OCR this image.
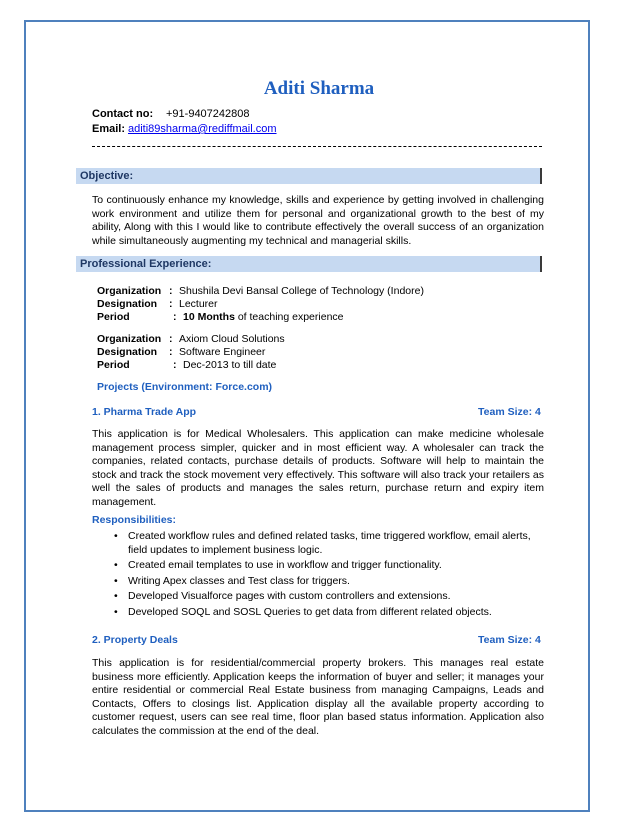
Aditi Sharma
Contact no: +91-9407242808
Email: aditi89sharma@rediffmail.com
Objective:
To continuously enhance my knowledge, skills and experience by getting involved in challenging work environment and utilize them for personal and organizational growth to the best of my ability, Along with this I would like to contribute effectively the overall success of an organization while simultaneously augmenting my technical and managerial skills.
Professional Experience:
Organization : Shushila Devi Bansal College of Technology (Indore)
Designation : Lecturer
Period	: 10 Months of teaching experience
Organization : Axiom Cloud Solutions
Designation : Software Engineer
Period	: Dec-2013 to till date
Projects (Environment: Force.com)
1. Pharma Trade App	Team Size: 4
This application is for Medical Wholesalers. This application can make medicine wholesale management process simpler, quicker and in most efficient way. A wholesaler can track the companies, related contacts, purchase details of products. Software will help to maintain the stock and track the stock movement very effectively. This software will also track your retailers as well the sales of products and manages the sales return, purchase return and expiry item management.
Responsibilities:
• Created workflow rules and defined related tasks, time triggered workflow, email alerts, field updates to implement business logic.
• Created email templates to use in workflow and trigger functionality.
• Writing Apex classes and Test class for triggers.
• Developed Visualforce pages with custom controllers and extensions.
• Developed SOQL and SOSL Queries to get data from different related objects.
2. Property Deals	Team Size: 4
This application is for residential/commercial property brokers. This manages real estate business more efficiently. Application keeps the information of buyer and seller; it manages your entire residential or commercial Real Estate business from managing Campaigns, Leads and Contacts, Offers to closings list. Application display all the available property according to customer request, users can see real time, floor plan based status information. Application also calculates the commission at the end of the deal.
